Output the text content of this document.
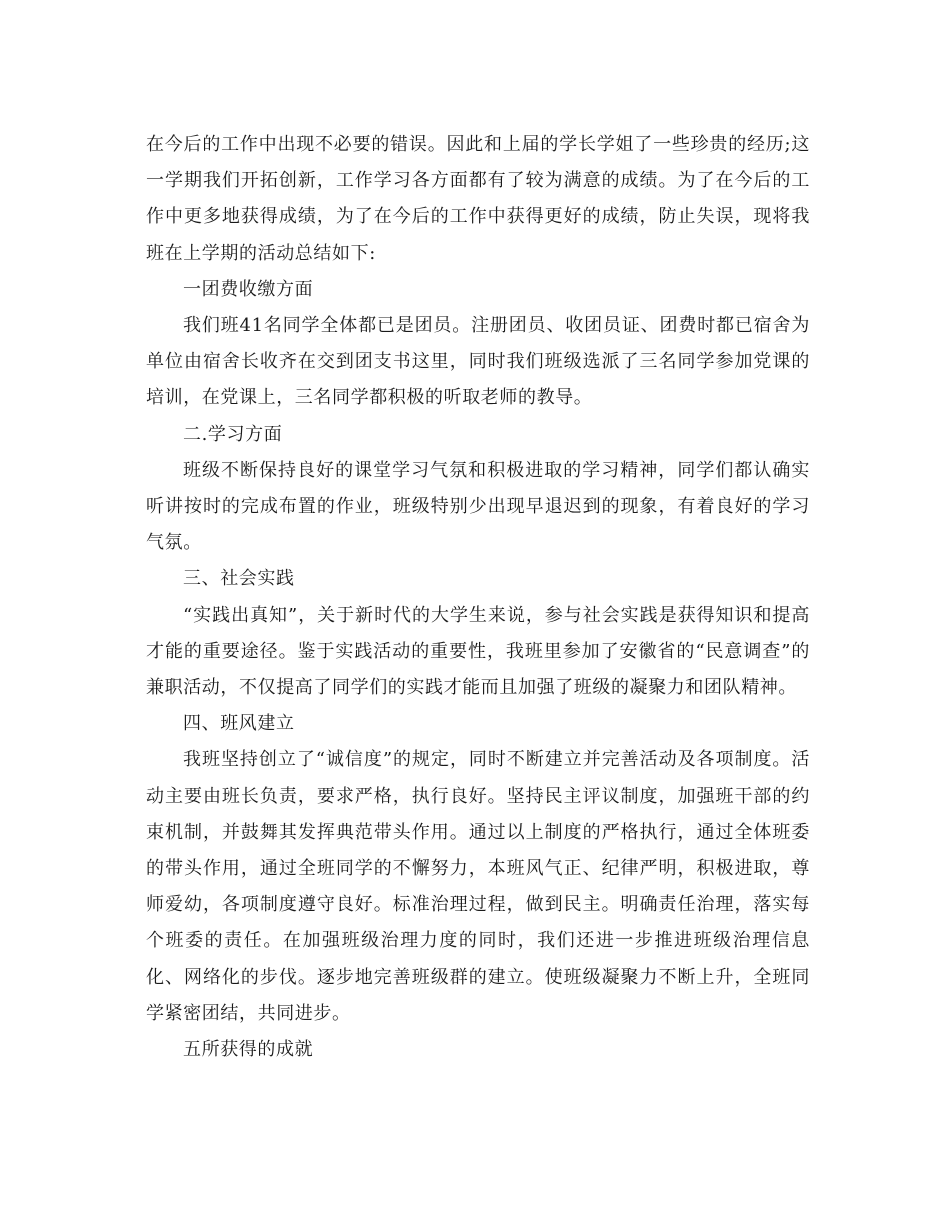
在今后的工作中出现不必要的错误。因此和上届的学长学姐了一些珍贵的经历;这一学期我们开拓创新，工作学习各方面都有了较为满意的成绩。为了在今后的工作中更多地获得成绩，为了在今后的工作中获得更好的成绩，防止失误，现将我班在上学期的活动总结如下:

一团费收缴方面

我们班41名同学全体都已是团员。注册团员、收团员证、团费时都已宿舍为单位由宿舍长收齐在交到团支书这里，同时我们班级选派了三名同学参加党课的培训，在党课上，三名同学都积极的听取老师的教导。

二.学习方面

班级不断保持良好的课堂学习气氛和积极进取的学习精神，同学们都认确实听讲按时的完成布置的作业，班级特别少出现早退迟到的现象，有着良好的学习气氛。

三、社会实践

“实践出真知”，关于新时代的大学生来说，参与社会实践是获得知识和提高才能的重要途径。鉴于实践活动的重要性，我班里参加了安徽省的“民意调查”的兼职活动，不仅提高了同学们的实践才能而且加强了班级的凝聚力和团队精神。

四、班风建立

我班坚持创立了“诚信度”的规定，同时不断建立并完善活动及各项制度。活动主要由班长负责，要求严格，执行良好。坚持民主评议制度，加强班干部的约束机制，并鼓舞其发挥典范带头作用。通过以上制度的严格执行，通过全体班委的带头作用，通过全班同学的不懈努力，本班风气正、纪律严明，积极进取，尊师爱幼，各项制度遵守良好。标准治理过程，做到民主。明确责任治理，落实每个班委的责任。在加强班级治理力度的同时，我们还进一步推进班级治理信息化、网络化的步伐。逐步地完善班级群的建立。使班级凝聚力不断上升，全班同学紧密团结，共同进步。

五所获得的成就
